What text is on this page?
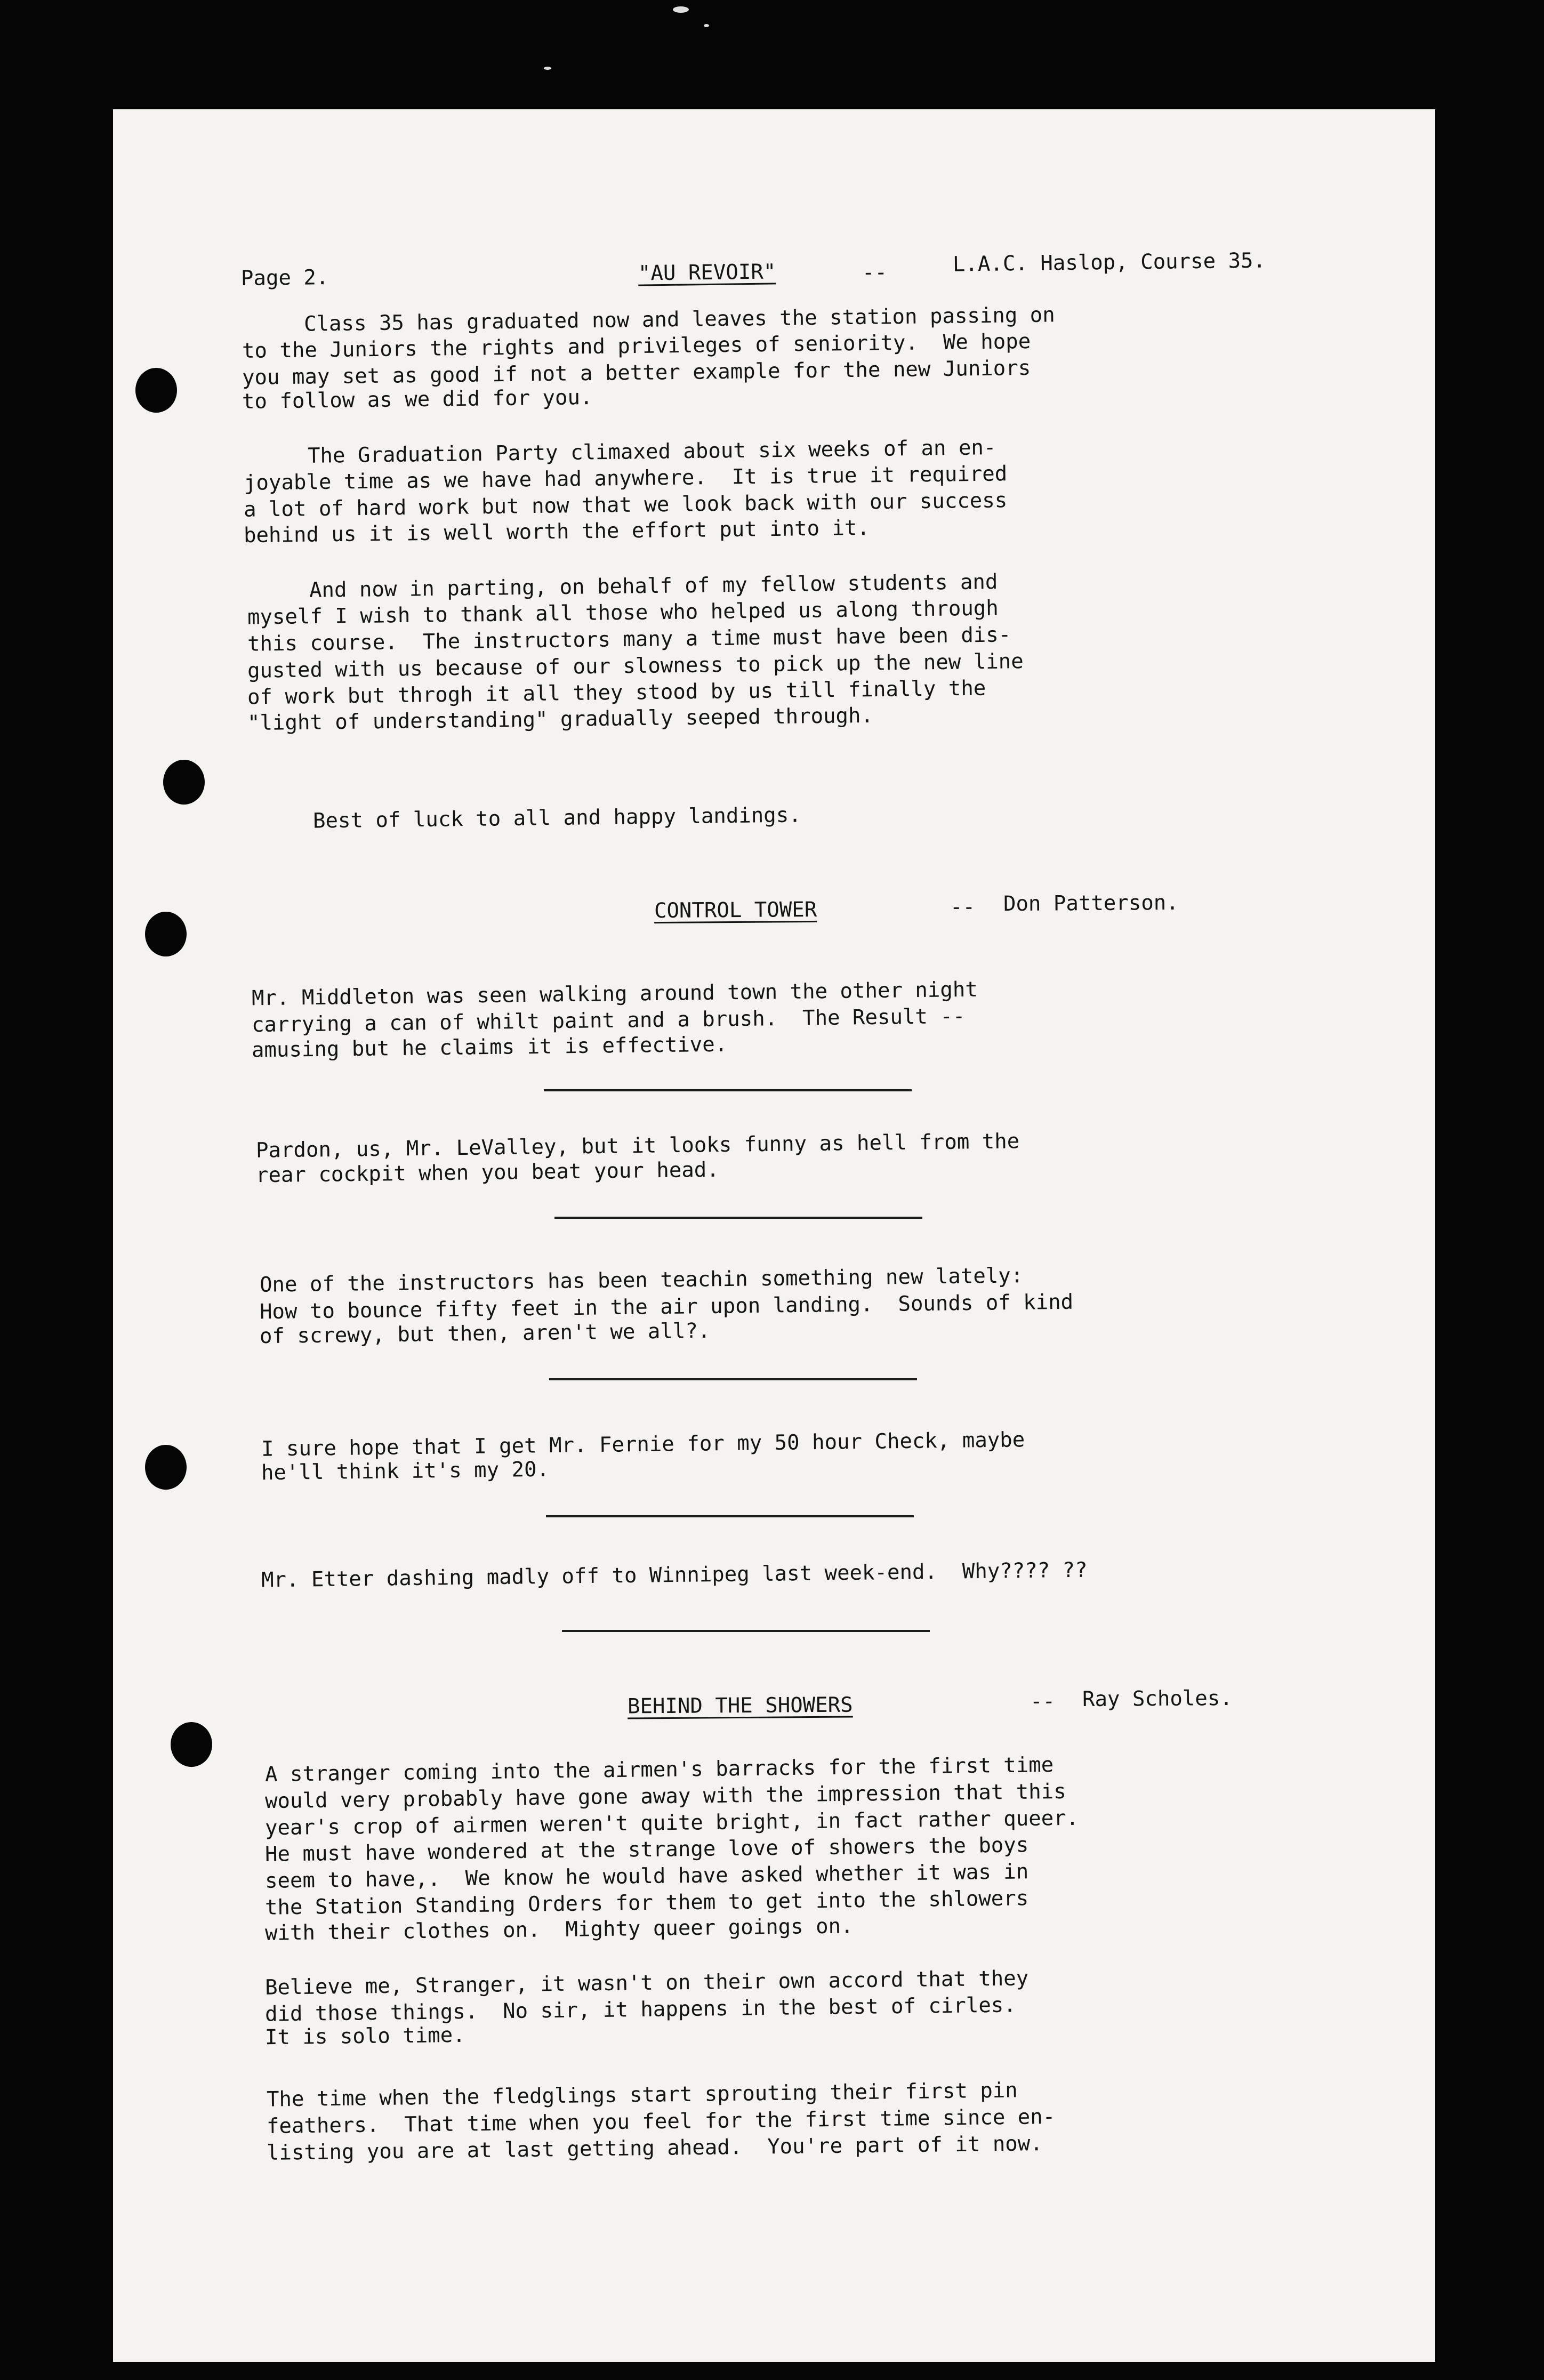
Page 2.	"AU REVOIR"	--	L.A.C. Haslop, Course 35.
Class 35 has graduated now and leaves the station passing on
to the Juniors the rights and privileges of seniority.  We hope
you may set as good if not a better example for the new Juniors
to follow as we did for you.
The Graduation Party climaxed about six weeks of an en-
joyable time as we have had anywhere.  It is true it required
a lot of hard work but now that we look back with our success
behind us it is well worth the effort put into it.
And now in parting, on behalf of my fellow students and
myself I wish to thank all those who helped us along through
this course.  The instructors many a time must have been dis-
gusted with us because of our slowness to pick up the new line
of work but throgh it all they stood by us till finally the
"light of understanding" gradually seeped through.
Best of luck to all and happy landings.
CONTROL TOWER	-- Don Patterson.
Mr. Middleton was seen walking around town the other night
carrying a can of whilt paint and a brush.  The Result --
amusing but he claims it is effective.
Pardon, us, Mr. LeValley, but it looks funny as hell from the
rear cockpit when you beat your head.
One of the instructors has been teachin something new lately:
How to bounce fifty feet in the air upon landing.  Sounds of kind
of screwy, but then, aren't we all?.
I sure hope that I get Mr. Fernie for my 50 hour Check, maybe
he'll think it's my 20.
Mr. Etter dashing madly off to Winnipeg last week-end.  Why???? ??
BEHIND THE SHOWERS	-- Ray Scholes.
A stranger coming into the airmen's barracks for the first time
would very probably have gone away with the impression that this
year's crop of airmen weren't quite bright, in fact rather queer.
He must have wondered at the strange love of showers the boys
seem to have,.  We know he would have asked whether it was in
the Station Standing Orders for them to get into the shlowers
with their clothes on.  Mighty queer goings on.
Believe me, Stranger, it wasn't on their own accord that they
did those things.  No sir, it happens in the best of cirles.
It is solo time.
The time when the fledglings start sprouting their first pin
feathers.  That time when you feel for the first time since en-
listing you are at last getting ahead.  You're part of it now.
